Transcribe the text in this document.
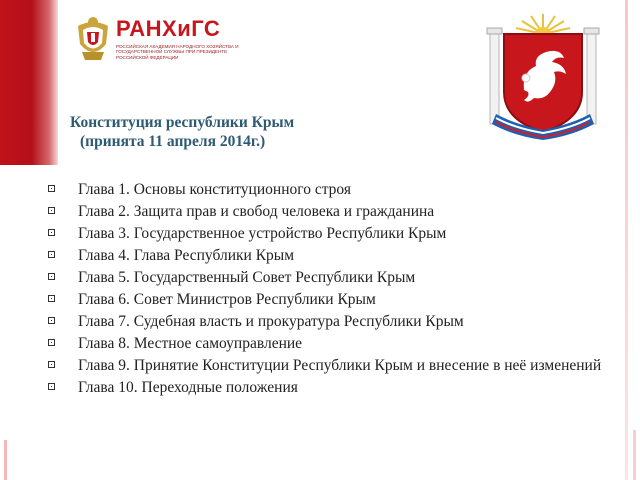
РАНХиГС
РОССИЙСКАЯ АКАДЕМИЯ НАРОДНОГО ХОЗЯЙСТВА И ГОСУДАРСТВЕННОЙ СЛУЖБЫ ПРИ ПРЕЗИДЕНТЕ РОССИЙСКОЙ ФЕДЕРАЦИИ
Конституция республики Крым
(принята 11 апреля 2014г.)
Глава 1. Основы конституционного строя
Глава 2. Защита прав и свобод человека и гражданина
Глава 3. Государственное устройство Республики Крым
Глава 4. Глава Республики Крым
Глава 5. Государственный Совет Республики Крым
Глава 6. Совет Министров Республики Крым
Глава 7. Судебная власть и прокуратура Республики Крым
Глава 8. Местное самоуправление
Глава 9. Принятие Конституции Республики Крым и внесение в неё изменений
Глава 10. Переходные положения
